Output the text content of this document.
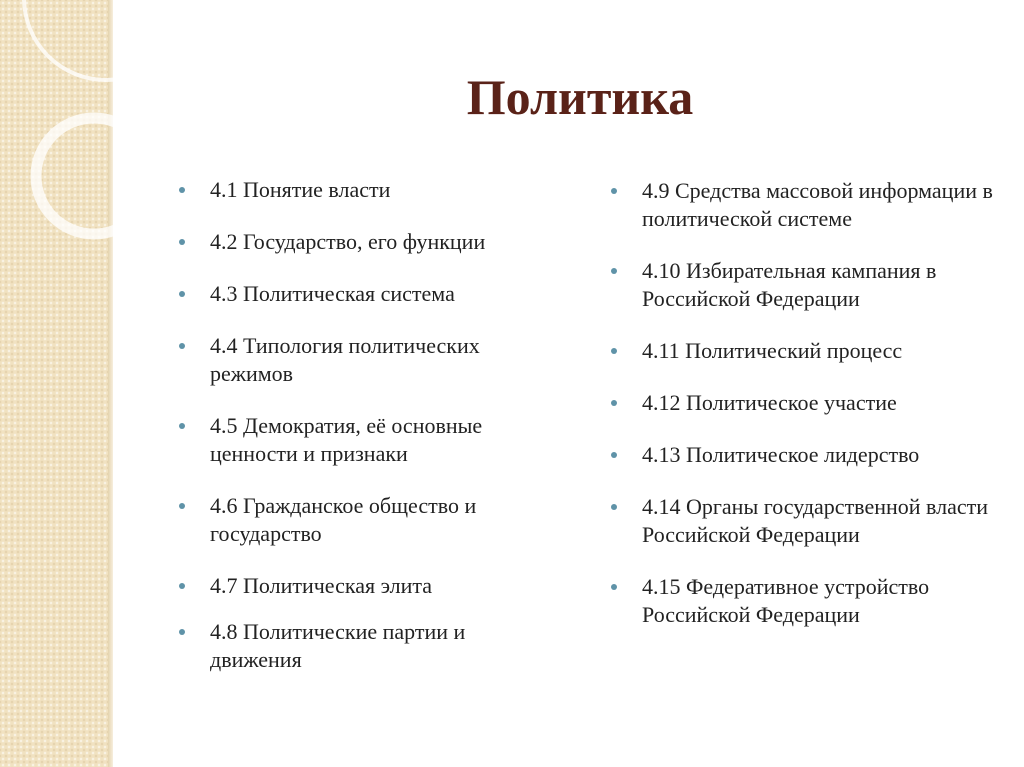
Политика
4.1 Понятие власти
4.2 Государство, его функции
4.3 Политическая система
4.4 Типология политических режимов
4.5 Демократия, её основные ценности и признаки
4.6 Гражданское общество и государство
4.7 Политическая элита
4.8 Политические партии и движения
4.9 Средства массовой информации в политической системе
4.10 Избирательная кампания в Российской Федерации
4.11 Политический процесс
4.12 Политическое участие
4.13 Политическое лидерство
4.14 Органы государственной власти Российской Федерации
4.15 Федеративное устройство Российской Федерации
